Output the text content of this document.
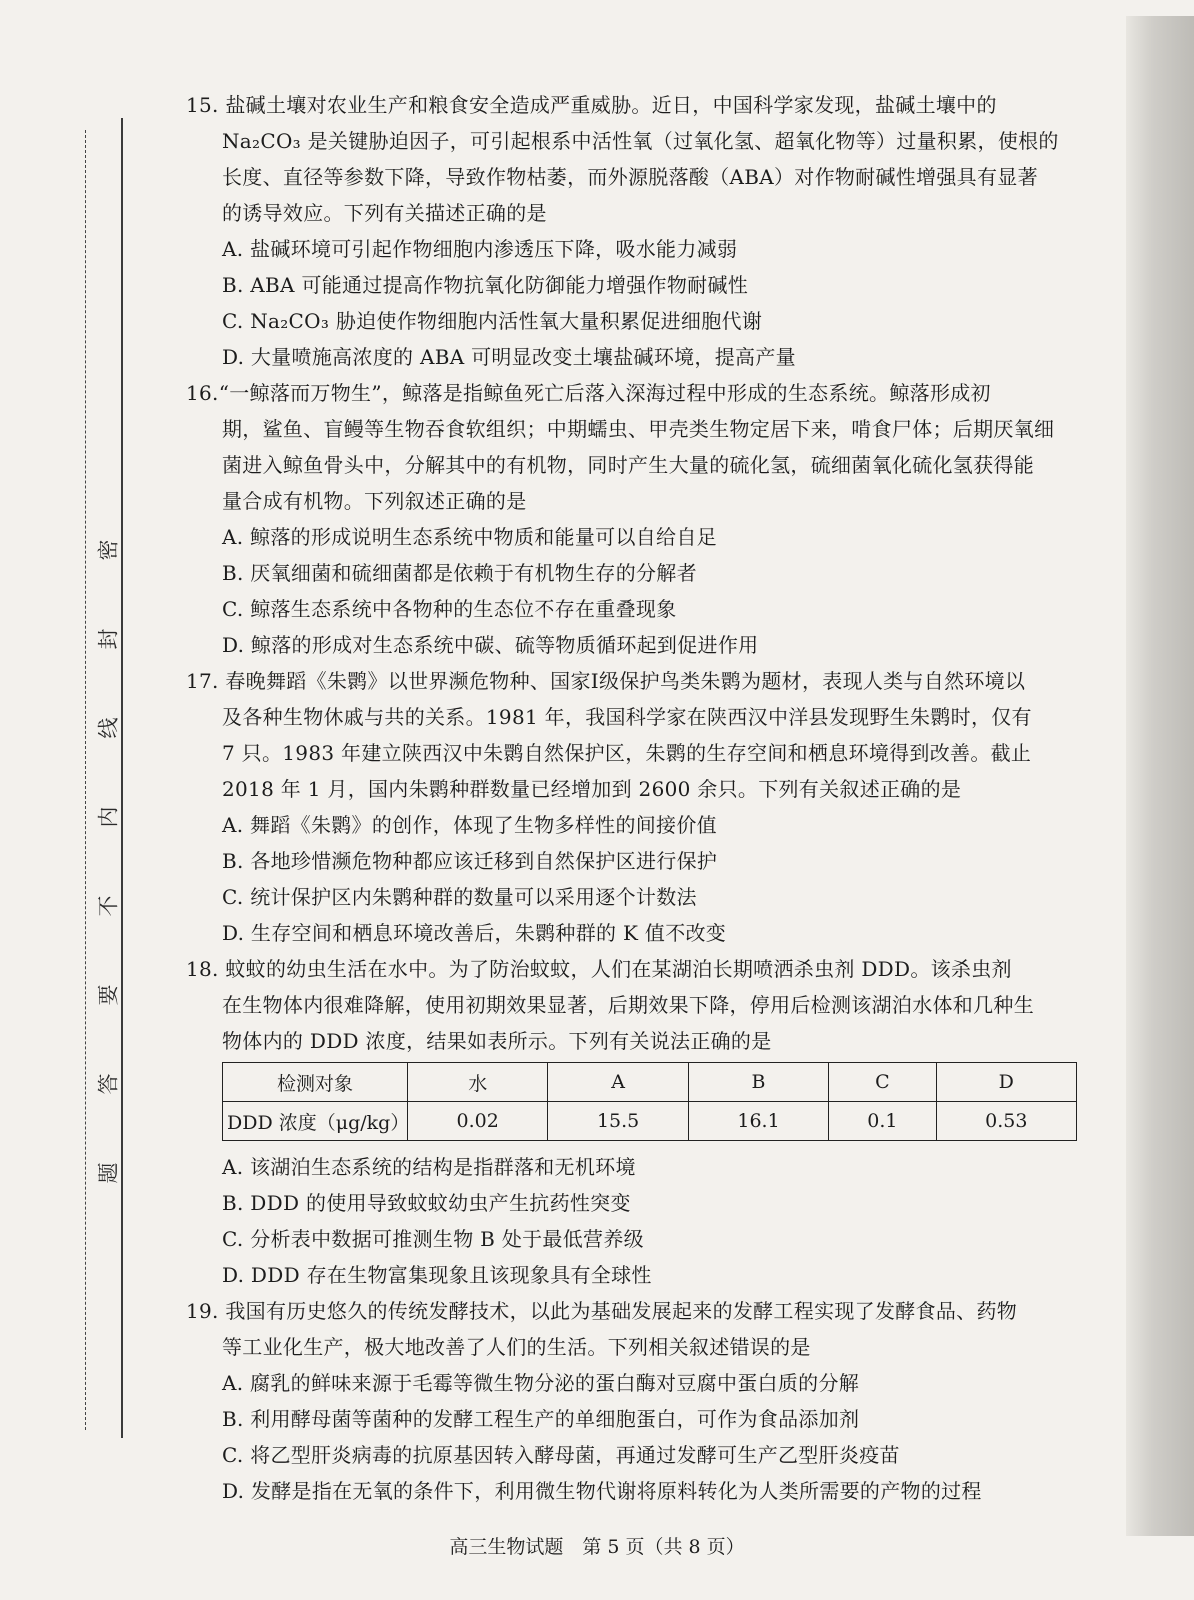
密
封
线
内
不
要
答
题
15. 盐碱土壤对农业生产和粮食安全造成严重威胁。近日，中国科学家发现，盐碱土壤中的
Na₂CO₃ 是关键胁迫因子，可引起根系中活性氧（过氧化氢、超氧化物等）过量积累，使根的
长度、直径等参数下降，导致作物枯萎，而外源脱落酸（ABA）对作物耐碱性增强具有显著
的诱导效应。下列有关描述正确的是
A. 盐碱环境可引起作物细胞内渗透压下降，吸水能力减弱
B. ABA 可能通过提高作物抗氧化防御能力增强作物耐碱性
C. Na₂CO₃ 胁迫使作物细胞内活性氧大量积累促进细胞代谢
D. 大量喷施高浓度的 ABA 可明显改变土壤盐碱环境，提高产量
16.“一鲸落而万物生”，鲸落是指鲸鱼死亡后落入深海过程中形成的生态系统。鲸落形成初
期，鲨鱼、盲鳗等生物吞食软组织；中期蠕虫、甲壳类生物定居下来，啃食尸体；后期厌氧细
菌进入鲸鱼骨头中，分解其中的有机物，同时产生大量的硫化氢，硫细菌氧化硫化氢获得能
量合成有机物。下列叙述正确的是
A. 鲸落的形成说明生态系统中物质和能量可以自给自足
B. 厌氧细菌和硫细菌都是依赖于有机物生存的分解者
C. 鲸落生态系统中各物种的生态位不存在重叠现象
D. 鲸落的形成对生态系统中碳、硫等物质循环起到促进作用
17. 春晚舞蹈《朱鹮》以世界濒危物种、国家Ⅰ级保护鸟类朱鹮为题材，表现人类与自然环境以
及各种生物休戚与共的关系。1981 年，我国科学家在陕西汉中洋县发现野生朱鹮时，仅有
7 只。1983 年建立陕西汉中朱鹮自然保护区，朱鹮的生存空间和栖息环境得到改善。截止
2018 年 1 月，国内朱鹮种群数量已经增加到 2600 余只。下列有关叙述正确的是
A. 舞蹈《朱鹮》的创作，体现了生物多样性的间接价值
B. 各地珍惜濒危物种都应该迁移到自然保护区进行保护
C. 统计保护区内朱鹮种群的数量可以采用逐个计数法
D. 生存空间和栖息环境改善后，朱鹮种群的 K 值不改变
18. 蚊蚊的幼虫生活在水中。为了防治蚊蚊，人们在某湖泊长期喷洒杀虫剂 DDD。该杀虫剂
在生物体内很难降解，使用初期效果显著，后期效果下降，停用后检测该湖泊水体和几种生
物体内的 DDD 浓度，结果如表所示。下列有关说法正确的是
检测对象	水	A	B	C	D
DDD 浓度（μg/kg）	0.02	15.5	16.1	0.1	0.53
A. 该湖泊生态系统的结构是指群落和无机环境
B. DDD 的使用导致蚊蚊幼虫产生抗药性突变
C. 分析表中数据可推测生物 B 处于最低营养级
D. DDD 存在生物富集现象且该现象具有全球性
19. 我国有历史悠久的传统发酵技术，以此为基础发展起来的发酵工程实现了发酵食品、药物
等工业化生产，极大地改善了人们的生活。下列相关叙述错误的是
A. 腐乳的鲜味来源于毛霉等微生物分泌的蛋白酶对豆腐中蛋白质的分解
B. 利用酵母菌等菌种的发酵工程生产的单细胞蛋白，可作为食品添加剂
C. 将乙型肝炎病毒的抗原基因转入酵母菌，再通过发酵可生产乙型肝炎疫苗
D. 发酵是指在无氧的条件下，利用微生物代谢将原料转化为人类所需要的产物的过程
高三生物试题　第 5 页（共 8 页）
